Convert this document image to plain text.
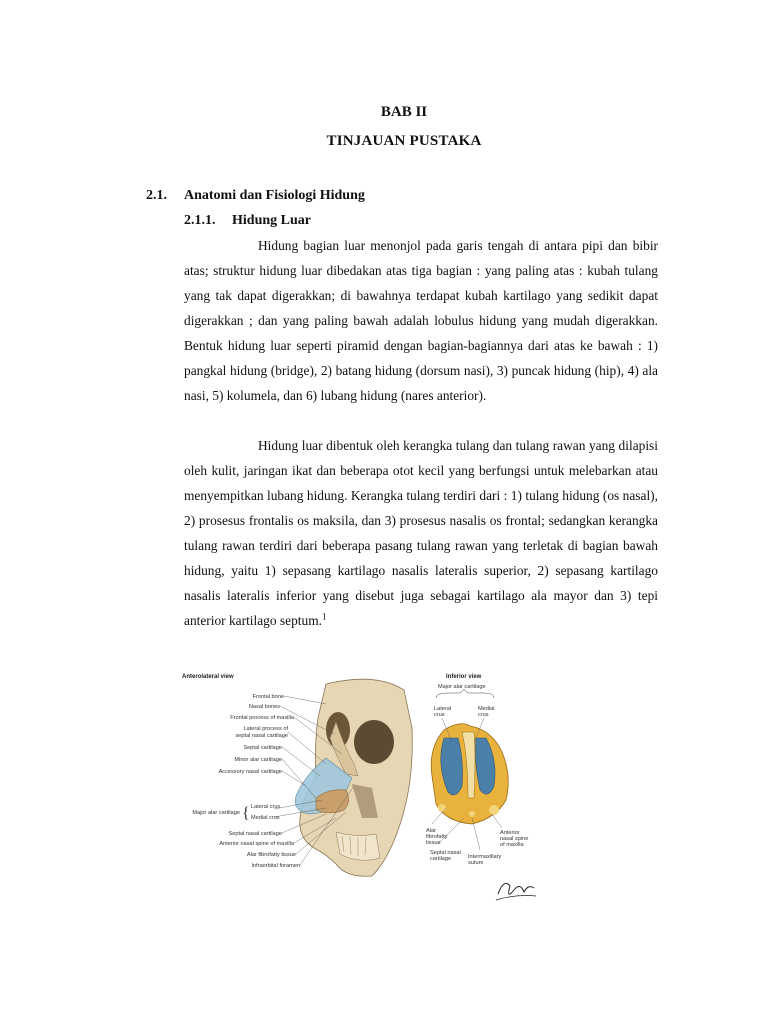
BAB II
TINJAUAN PUSTAKA
2.1. Anatomi dan Fisiologi Hidung
2.1.1. Hidung Luar

Hidung bagian luar menonjol pada garis tengah di antara pipi dan bibir atas; struktur hidung luar dibedakan atas tiga bagian : yang paling atas : kubah tulang yang tak dapat digerakkan; di bawahnya terdapat kubah kartilago yang sedikit dapat digerakkan ; dan yang paling bawah adalah lobulus hidung yang mudah digerakkan. Bentuk hidung luar seperti piramid dengan bagian-bagiannya dari atas ke bawah : 1) pangkal hidung (bridge), 2) batang hidung (dorsum nasi), 3) puncak hidung (hip), 4) ala nasi, 5) kolumela, dan 6) lubang hidung (nares anterior).

Hidung luar dibentuk oleh kerangka tulang dan tulang rawan yang dilapisi oleh kulit, jaringan ikat dan beberapa otot kecil yang berfungsi untuk melebarkan atau menyempitkan lubang hidung. Kerangka tulang terdiri dari : 1) tulang hidung (os nasal), 2) prosesus frontalis os maksila, dan 3) prosesus nasalis os frontal; sedangkan kerangka tulang rawan terdiri dari beberapa pasang tulang rawan yang terletak di bagian bawah hidung, yaitu 1) sepasang kartilago nasalis lateralis superior, 2) sepasang kartilago nasalis lateralis inferior yang disebut juga sebagai kartilago ala mayor dan 3) tepi anterior kartilago septum.$^1$

Anterolateral view
Frontal bone
Nasal bones
Frontal process of maxilla
Lateral process of
septal nasal cartilage
Septal cartilage
Minor alar cartilage
Accessory nasal cartilage
Major alar cartilage { Lateral crus
Medial crus
Septal nasal cartilage
Anterior nasal spine of maxilla
Alar fibrofatty tissue
Infraorbital foramen
Inferior view
Major alar cartilage
Lateral
crus
Medial
crus
Alar
fibrofatty
tissue
Septal nasal
cartilage	Intermaxillary
suture
Anterior
nasal spine
of maxilla
